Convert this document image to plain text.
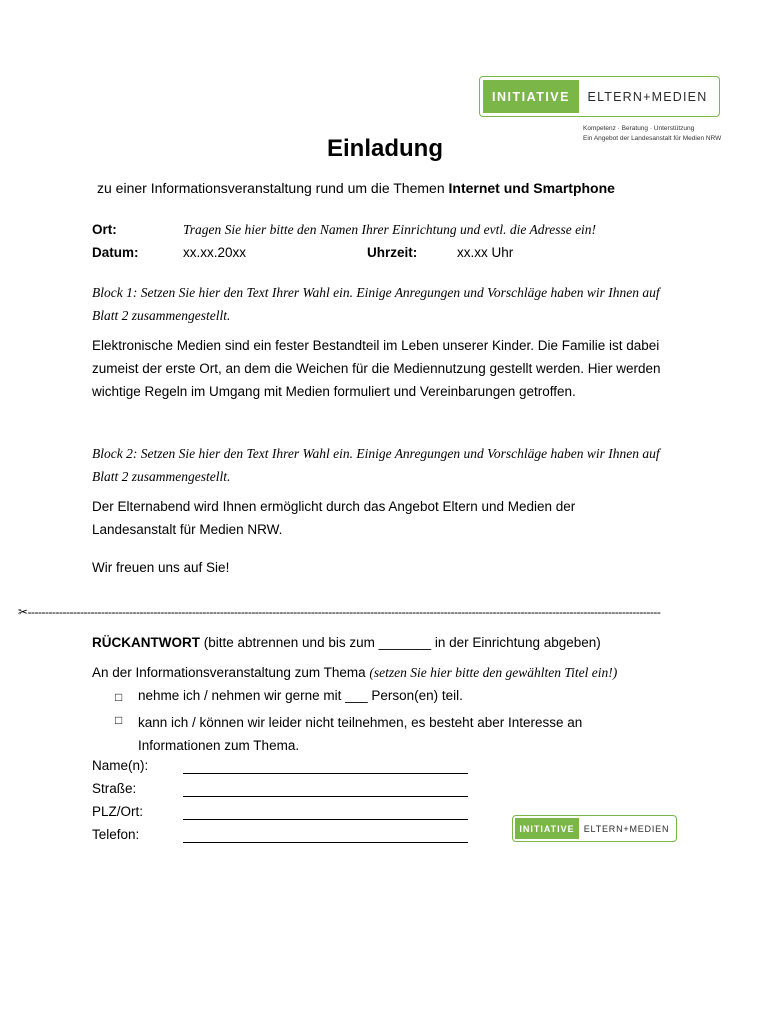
INITIATIVE	ELTERN+MEDIEN
Kompetenz · Beratung · Unterstützung
Ein Angebot der Landesanstalt für Medien NRW
Einladung
zu einer Informationsveranstaltung rund um die Themen Internet und Smartphone
Ort:	Tragen Sie hier bitte den Namen Ihrer Einrichtung und evtl. die Adresse ein!
Datum:	xx.xx.20xx	Uhrzeit:	xx.xx Uhr
Block 1: Setzen Sie hier den Text Ihrer Wahl ein. Einige Anregungen und Vorschläge haben wir Ihnen auf Blatt 2 zusammengestellt.
Elektronische Medien sind ein fester Bestandteil im Leben unserer Kinder. Die Familie ist dabei zumeist der erste Ort, an dem die Weichen für die Mediennutzung gestellt werden. Hier werden wichtige Regeln im Umgang mit Medien formuliert und Vereinbarungen getroffen.
Block 2: Setzen Sie hier den Text Ihrer Wahl ein. Einige Anregungen und Vorschläge haben wir Ihnen auf Blatt 2 zusammengestellt.
Der Elternabend wird Ihnen ermöglicht durch das Angebot Eltern und Medien der Landesanstalt für Medien NRW.
Wir freuen uns auf Sie!
✂-------------------------------------------------------------------------------------------------------------------------------------------------------------------------------------
RÜCKANTWORT (bitte abtrennen und bis zum _______ in der Einrichtung abgeben)
An der Informationsveranstaltung zum Thema (setzen Sie hier bitte den gewählten Titel ein!)
□ nehme ich / nehmen wir gerne mit ___ Person(en) teil.
□ kann ich / können wir leider nicht teilnehmen, es besteht aber Interesse an Informationen zum Thema.
Name(n):
Straße:
PLZ/Ort:
Telefon:	INITIATIVE	ELTERN+MEDIEN
